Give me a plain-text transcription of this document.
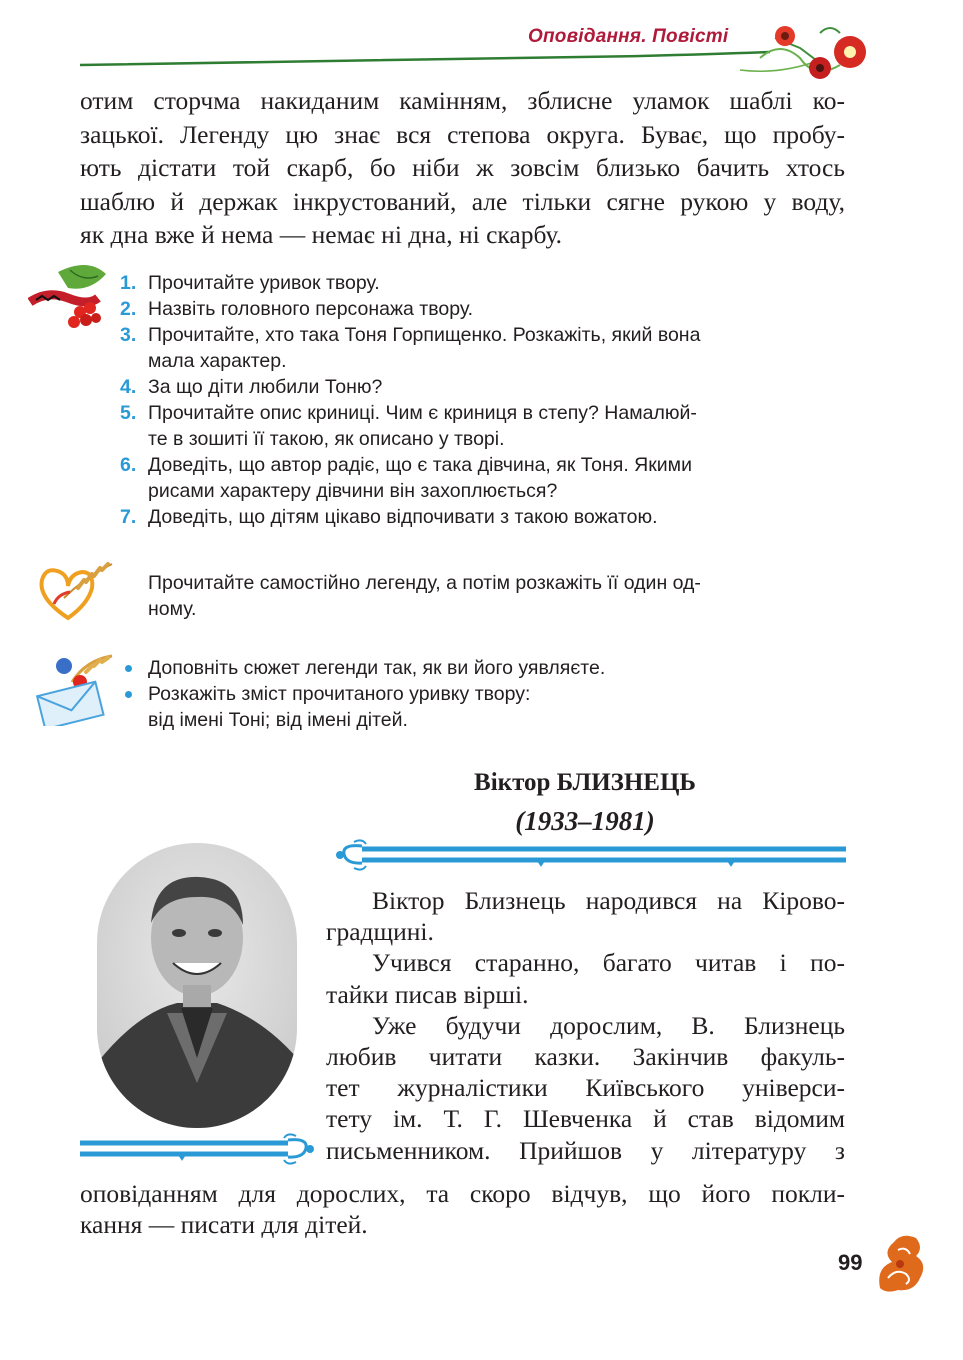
Оповідання. Повісті
отим сторчма накиданим камінням, зблисне уламок шаблі ко-
зацької. Легенду цю знає вся степова округа. Буває, що пробу-
ють дістати той скарб, бо ніби ж зовсім близько бачить хтось
шаблю й держак інкрустований, але тільки сягне рукою у воду,
як дна вже й нема — немає ні дна, ні скарбу.
1. Прочитайте уривок твору.
2. Назвіть головного персонажа твору.
3. Прочитайте, хто така Тоня Горпищенко. Розкажіть, який вона
мала характер.
4. За що діти любили Тоню?
5. Прочитайте опис криниці. Чим є криниця в степу? Намалюй-
те в зошиті її такою, як описано у творі.
6. Доведіть, що автор радіє, що є така дівчина, як Тоня. Якими
рисами характеру дівчини він захоплюється?
7. Доведіть, що дітям цікаво відпочивати з такою вожатою.
Прочитайте самостійно легенду, а потім розкажіть її один од-
ному.
Доповніть сюжет легенди так, як ви його уявляєте.
Розкажіть зміст прочитаного уривку твору:
від імені Тоні; від імені дітей.
Віктор БЛИЗНЕЦЬ
(1933–1981)
Віктор Близнець народився на Кірово-
градщині.
Учився старанно, багато читав і по-
тайки писав вірші.
Уже будучи дорослим, В. Близнець
любив читати казки. Закінчив факуль-
тет журналістики Київського універси-
тету ім. Т. Г. Шевченка й став відомим
письменником. Прийшов у літературу з
оповіданням для дорослих, та скоро відчув, що його покли-
кання — писати для дітей.
99
